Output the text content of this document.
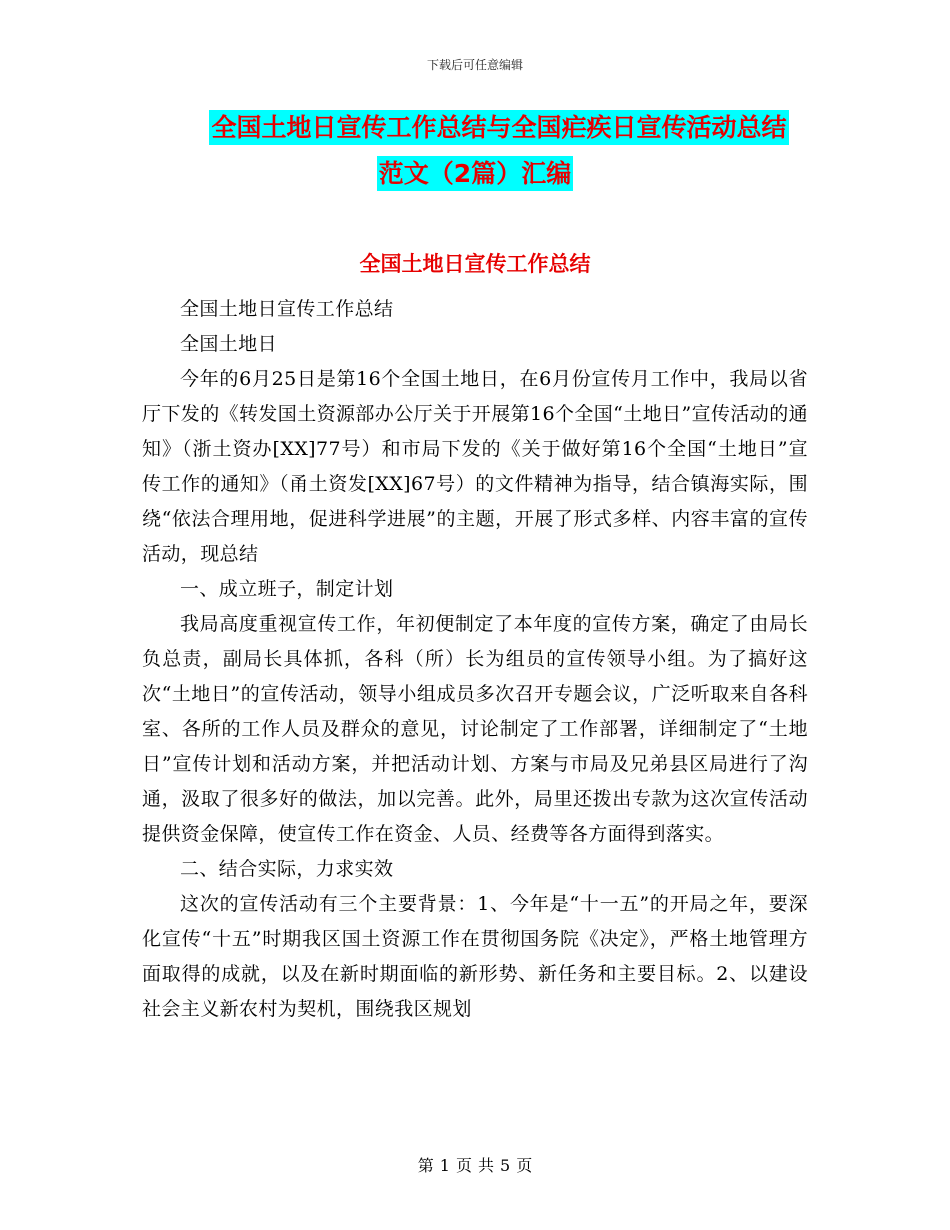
下载后可任意编辑
全国土地日宣传工作总结与全国疟疾日宣传活动总结
范文（2篇）汇编
全国土地日宣传工作总结

全国土地日宣传工作总结

全国土地日

今年的6月25日是第16个全国土地日，在6月份宣传月工作中，我局以省厅下发的《转发国土资源部办公厅关于开展第16个全国“土地日”宣传活动的通知》（浙土资办[XX]77号）和市局下发的《关于做好第16个全国“土地日”宣传工作的通知》（甬土资发[XX]67号）的文件精神为指导，结合镇海实际，围绕“依法合理用地，促进科学进展”的主题，开展了形式多样、内容丰富的宣传活动，现总结

一、成立班子，制定计划

我局高度重视宣传工作，年初便制定了本年度的宣传方案，确定了由局长负总责，副局长具体抓，各科（所）长为组员的宣传领导小组。为了搞好这次“土地日”的宣传活动，领导小组成员多次召开专题会议，广泛听取来自各科室、各所的工作人员及群众的意见，讨论制定了工作部署，详细制定了“土地日”宣传计划和活动方案，并把活动计划、方案与市局及兄弟县区局进行了沟通，汲取了很多好的做法，加以完善。此外，局里还拨出专款为这次宣传活动提供资金保障，使宣传工作在资金、人员、经费等各方面得到落实。

二、结合实际，力求实效

这次的宣传活动有三个主要背景：1、今年是“十一五”的开局之年，要深化宣传“十五”时期我区国土资源工作在贯彻国务院《决定》，严格土地管理方面取得的成就，以及在新时期面临的新形势、新任务和主要目标。2、以建设社会主义新农村为契机，围绕我区规划

第 1 页 共 5 页
